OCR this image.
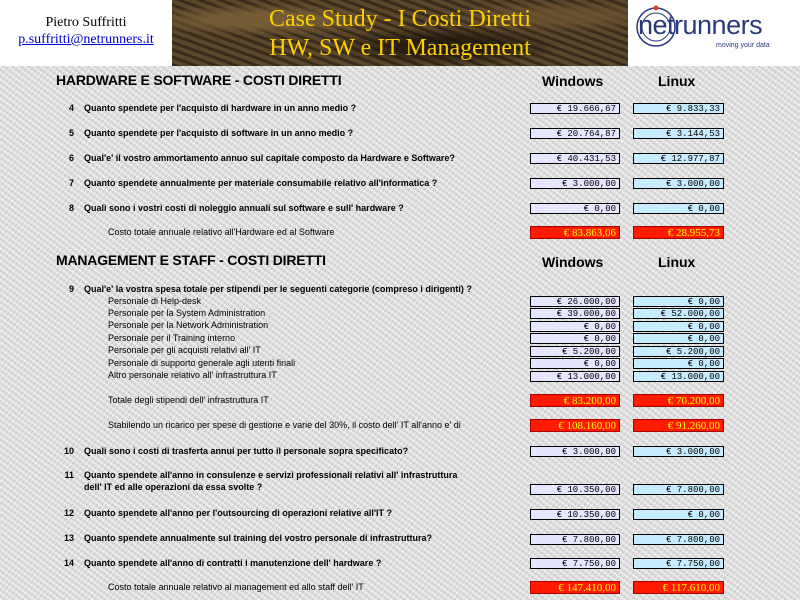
Pietro Suffritti
p.suffritti@netrunners.it
Case Study - I Costi Diretti
HW, SW e IT Management
netrunners
moving your data
HARDWARE E SOFTWARE - COSTI DIRETTI	Windows	Linux
4 Quanto spendete per l'acquisto di hardware in un anno medio ?	€ 19.666,67	€ 9.833,33
5 Quanto spendete per l'acquisto di software in un anno medio ?	€ 20.764,87	€ 3.144,53
6 Qual'e' il vostro ammortamento annuo sul capitale composto da Hardware e Software?	€ 40.431,53	€ 12.977,87
7 Quanto spendete annualmente per materiale consumabile relativo all'informatica ?	€ 3.000,00	€ 3.000,00
8 Quali sono i vostri costi di noleggio annuali sul software e sull' hardware ?	€ 0,00	€ 0,00
Costo totale annuale relativo all'Hardware ed al Software	€ 83.863,06	€ 28.955,73
MANAGEMENT E STAFF - COSTI DIRETTI	Windows	Linux
9 Qual'e' la vostra spesa totale per stipendi per le seguenti categorie (compreso i dirigenti) ?
Personale di Help-desk	€ 26.000,00	€ 0,00
Personale per la System Administration	€ 39.000,00	€ 52.000,00
Personale per la Network Administration	€ 0,00	€ 0,00
Personale per il Training interno	€ 0,00	€ 0,00
Personale per gli acquisti relativi all' IT	€ 5.200,00	€ 5.200,00
Personale di supporto generale agli utenti finali	€ 0,00	€ 0,00
Altro personale relativo all' infrastruttura IT	€ 13.000,00	€ 13.000,00
Totale degli stipendi dell' infrastruttura IT	€ 83.200,00	€ 70.200,00
Stabilendo un ricarico per spese di gestione e varie del 30%, il costo dell' IT all'anno e' di	€ 108.160,00	€ 91.260,00
10 Quali sono i costi di trasferta annui per tutto il personale sopra specificato?	€ 3.000,00	€ 3.000,00
11 Quanto spendete all'anno in consulenze e servizi professionali relativi all' infrastruttura
dell' IT ed alle operazioni da essa svolte ?	€ 10.350,00	€ 7.800,00
12 Quanto spendete all'anno per l'outsourcing di operazioni relative all'IT ?	€ 10.350,00	€ 0,00
13 Quanto spendete annualmente sul training del vostro personale di infrastruttura?	€ 7.800,00	€ 7.800,00
14 Quanto spendete all'anno di contratti i manutenzione dell' hardware ?	€ 7.750,00	€ 7.750,00
Costo totale annuale relativo al management ed allo staff dell' IT	€ 147.410,00	€ 117.610,00
